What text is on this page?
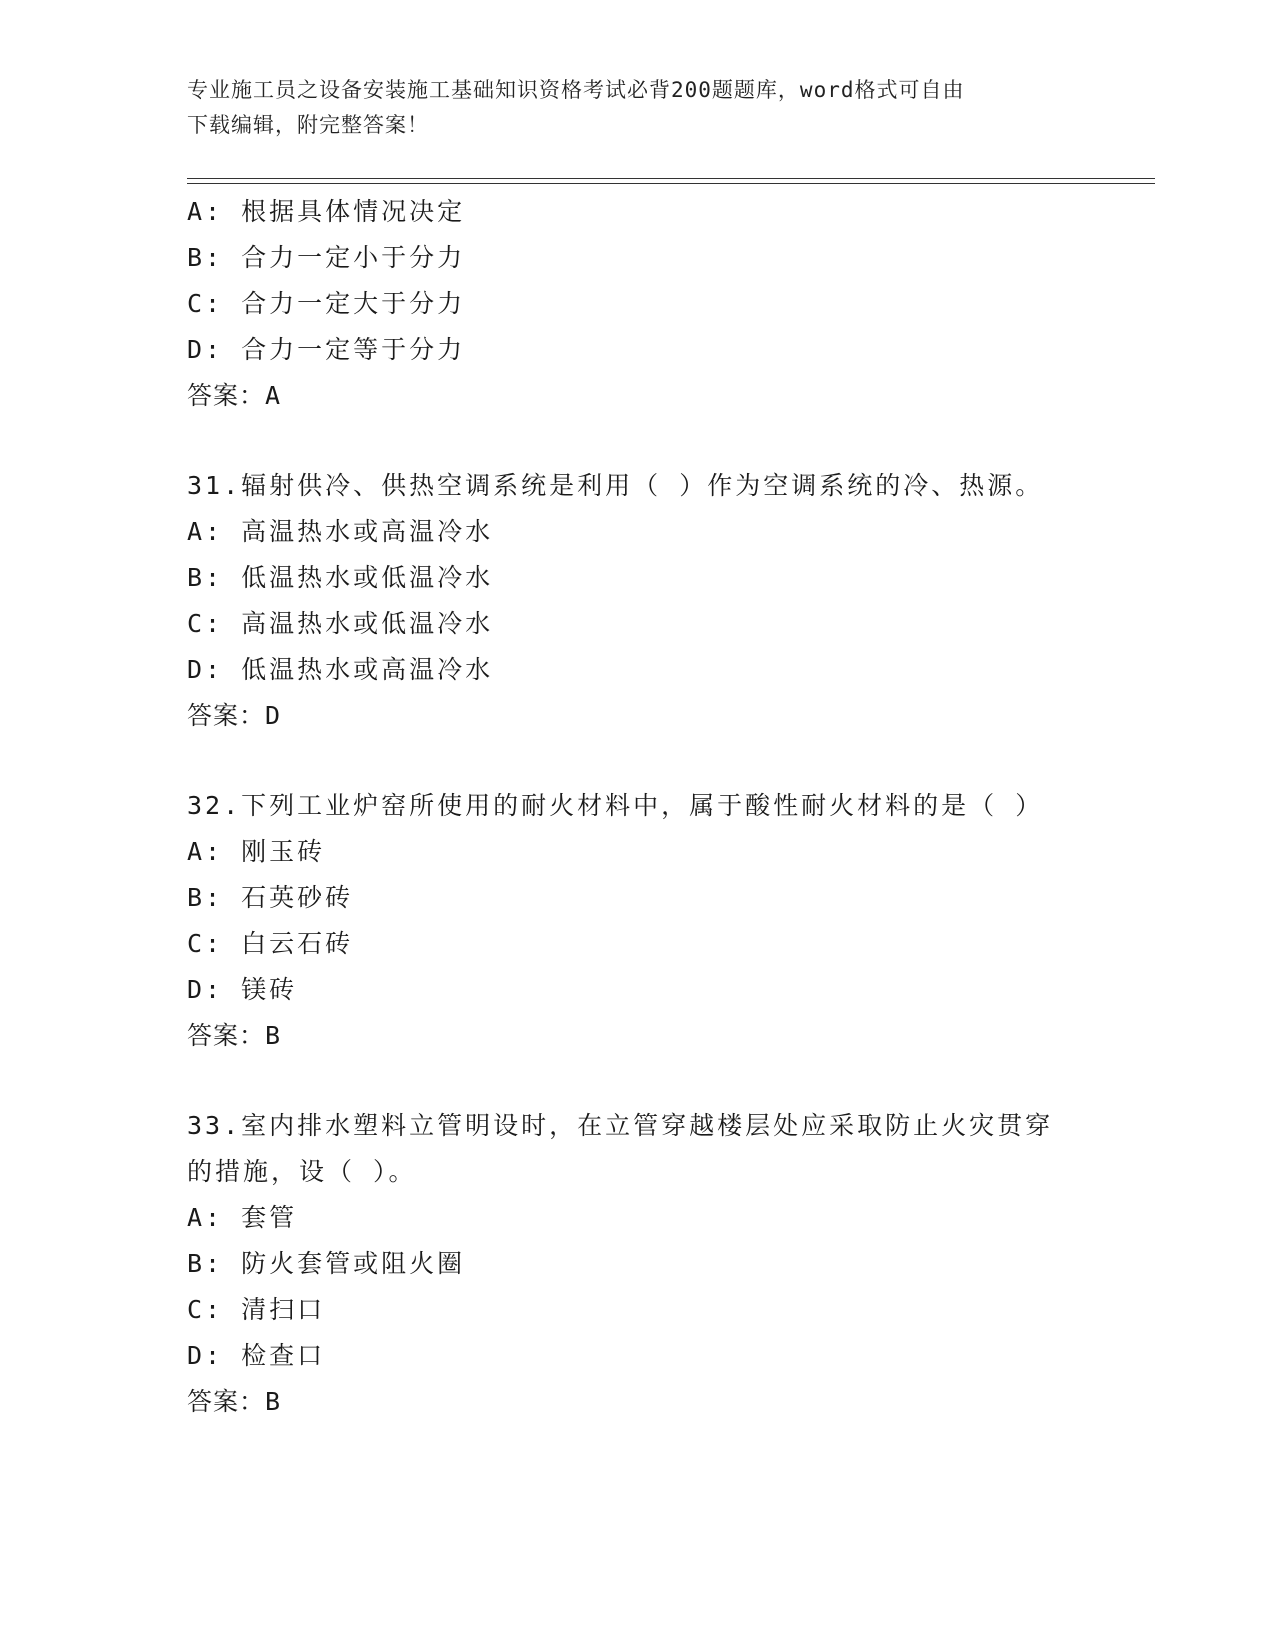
专业施工员之设备安装施工基础知识资格考试必背200题题库，word格式可自由
下载编辑，附完整答案！
A: 根据具体情况决定
B: 合力一定小于分力
C: 合力一定大于分力
D: 合力一定等于分力
答案：A
31.辐射供冷、供热空调系统是利用（ ）作为空调系统的冷、热源。
A: 高温热水或高温冷水
B: 低温热水或低温冷水
C: 高温热水或低温冷水
D: 低温热水或高温冷水
答案：D
32.下列工业炉窑所使用的耐火材料中，属于酸性耐火材料的是（ ）
A: 刚玉砖
B: 石英砂砖
C: 白云石砖
D: 镁砖
答案：B
33.室内排水塑料立管明设时，在立管穿越楼层处应采取防止火灾贯穿
的措施，设（ ）。
A: 套管
B: 防火套管或阻火圈
C: 清扫口
D: 检查口
答案：B
